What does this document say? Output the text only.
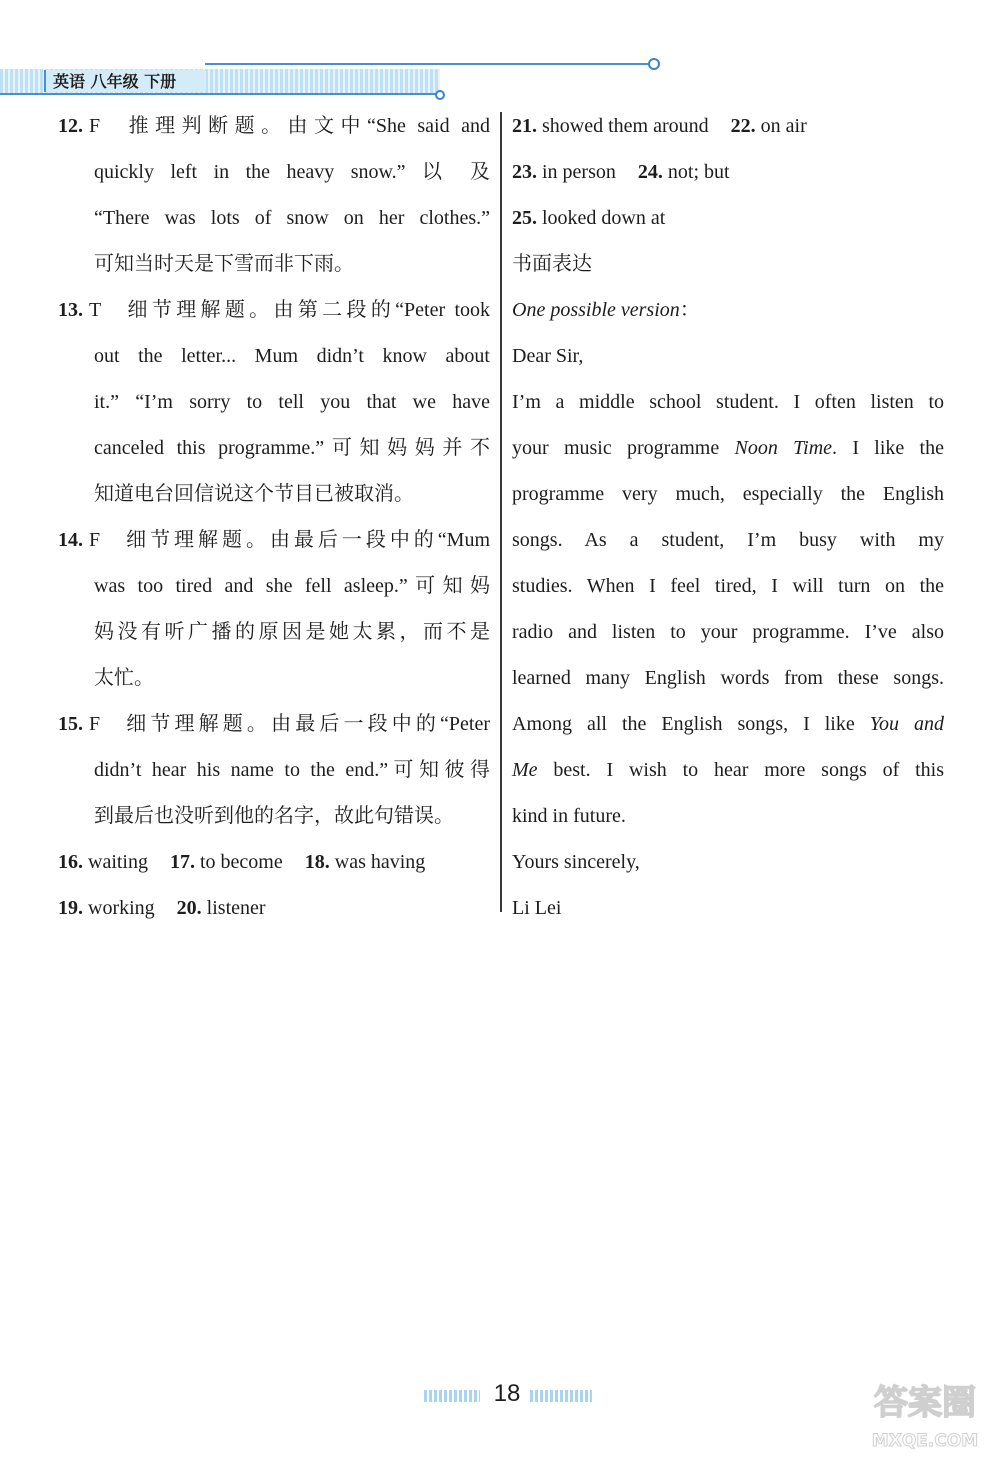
英语 八年级 下册
12. F 推理判断题。由文中“She said and
quickly left in the heavy snow.” 以 及
“There was lots of snow on her clothes.”
可知当时天是下雪而非下雨。
13. T 细节理解题。由第二段的“Peter took
out the letter... Mum didn’t know about
it.” “I’m sorry to tell you that we have
canceled this programme.”可知妈妈并不
知道电台回信说这个节目已被取消。
14. F 细节理解题。由最后一段中的“Mum
was too tired and she fell asleep.”可知妈
妈没有听广播的原因是她太累，而不是
太忙。
15. F 细节理解题。由最后一段中的“Peter
didn’t hear his name to the end.”可知彼得
到最后也没听到他的名字，故此句错误。
16. waiting 17. to become 18. was having
19. working 20. listener
21. showed them around 22. on air
23. in person 24. not; but
25. looked down at
书面表达
One possible version：
Dear Sir,
I’m a middle school student. I often listen to
your music programme Noon Time. I like the
programme very much, especially the English
songs. As a student, I’m busy with my
studies. When I feel tired, I will turn on the
radio and listen to your programme. I’ve also
learned many English words from these songs.
Among all the English songs, I like You and
Me best. I wish to hear more songs of this
kind in future.
Yours sincerely,
Li Lei
18	答案圈
MXQE.COM
